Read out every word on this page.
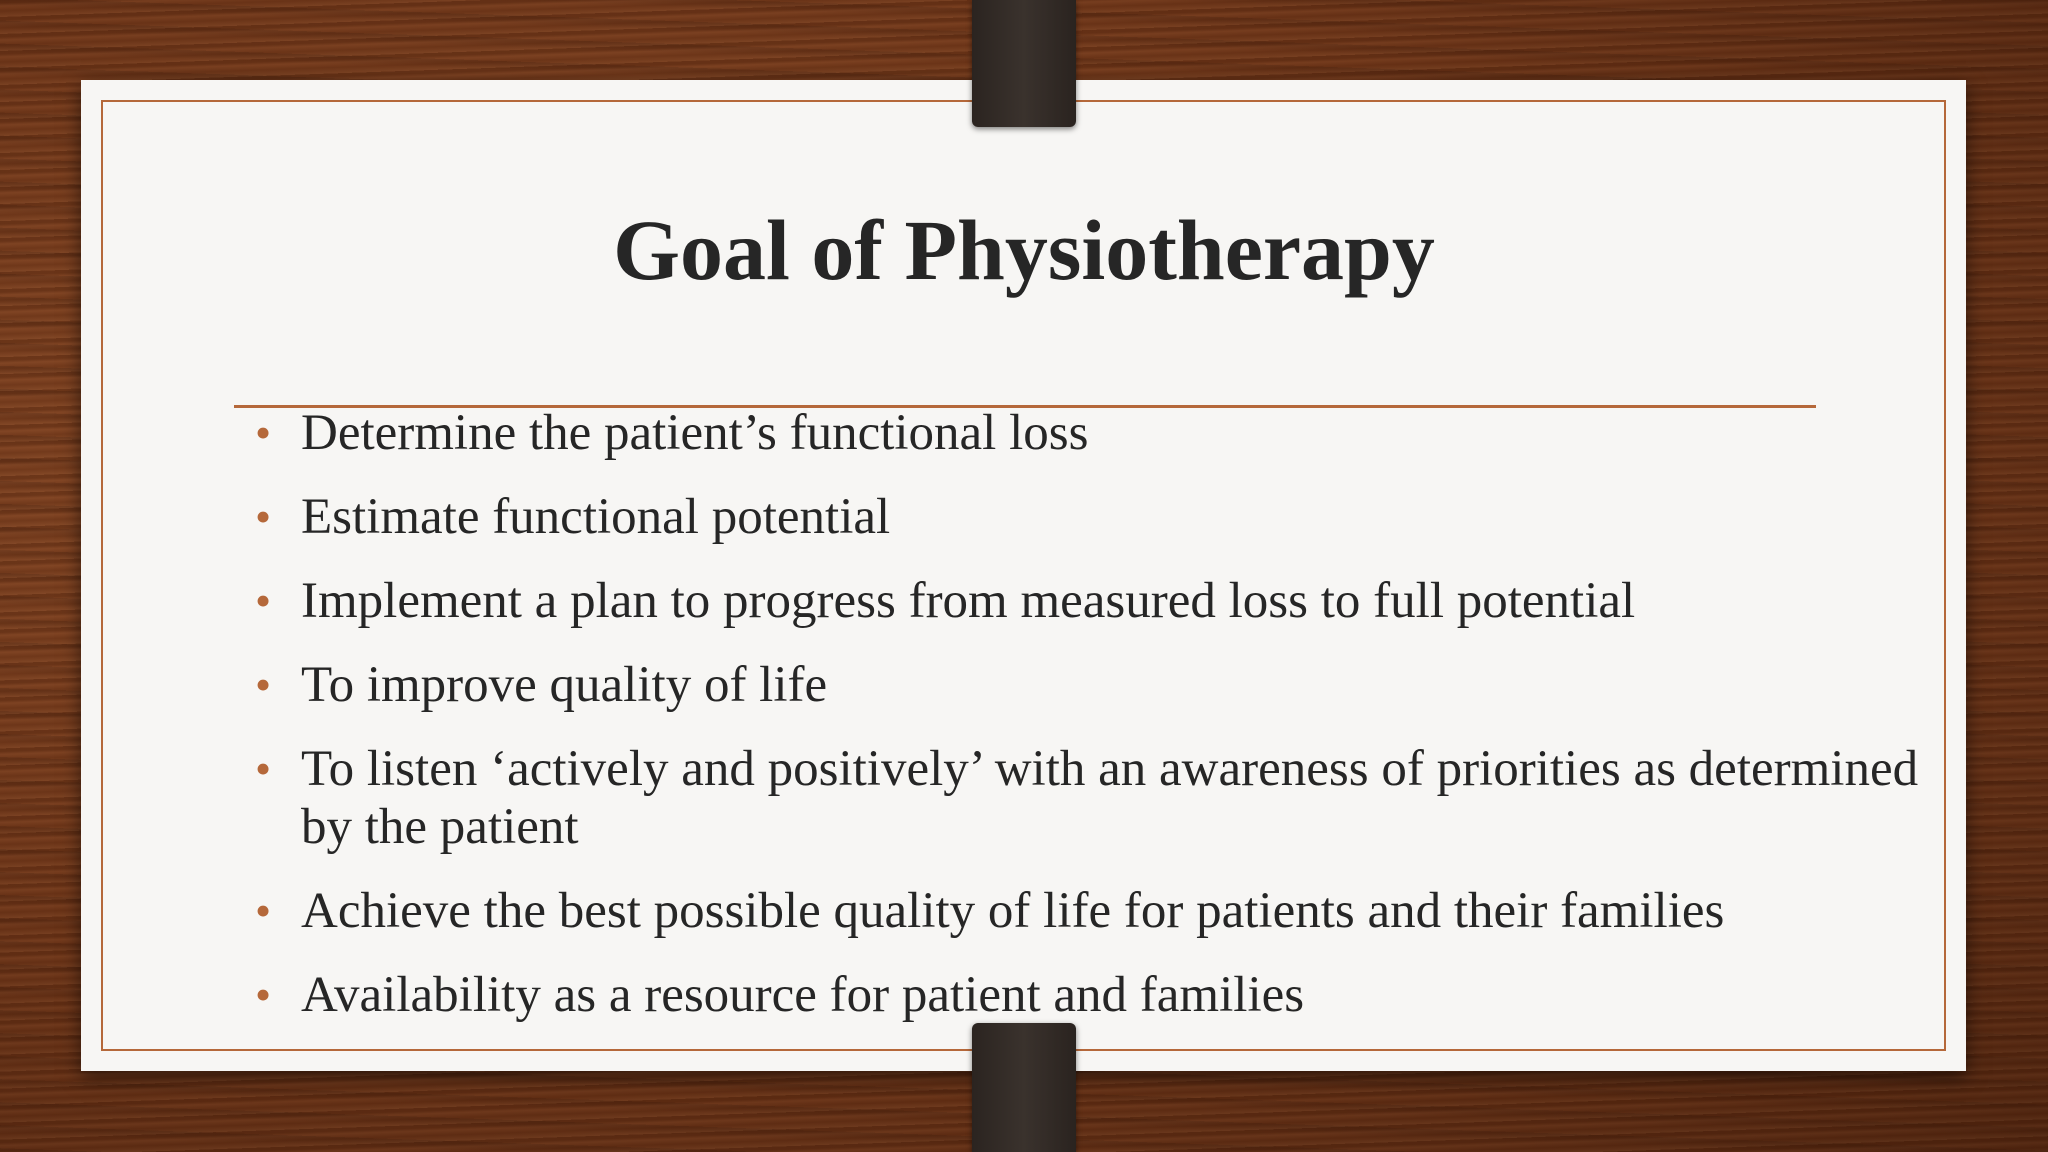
Goal of Physiotherapy
• Determine the patient’s functional loss
• Estimate functional potential
• Implement a plan to progress from measured loss to full potential
• To improve quality of life
• To listen ‘actively and positively’ with an awareness of priorities as determined by the patient
• Achieve the best possible quality of life for patients and their families
• Availability as a resource for patient and families
